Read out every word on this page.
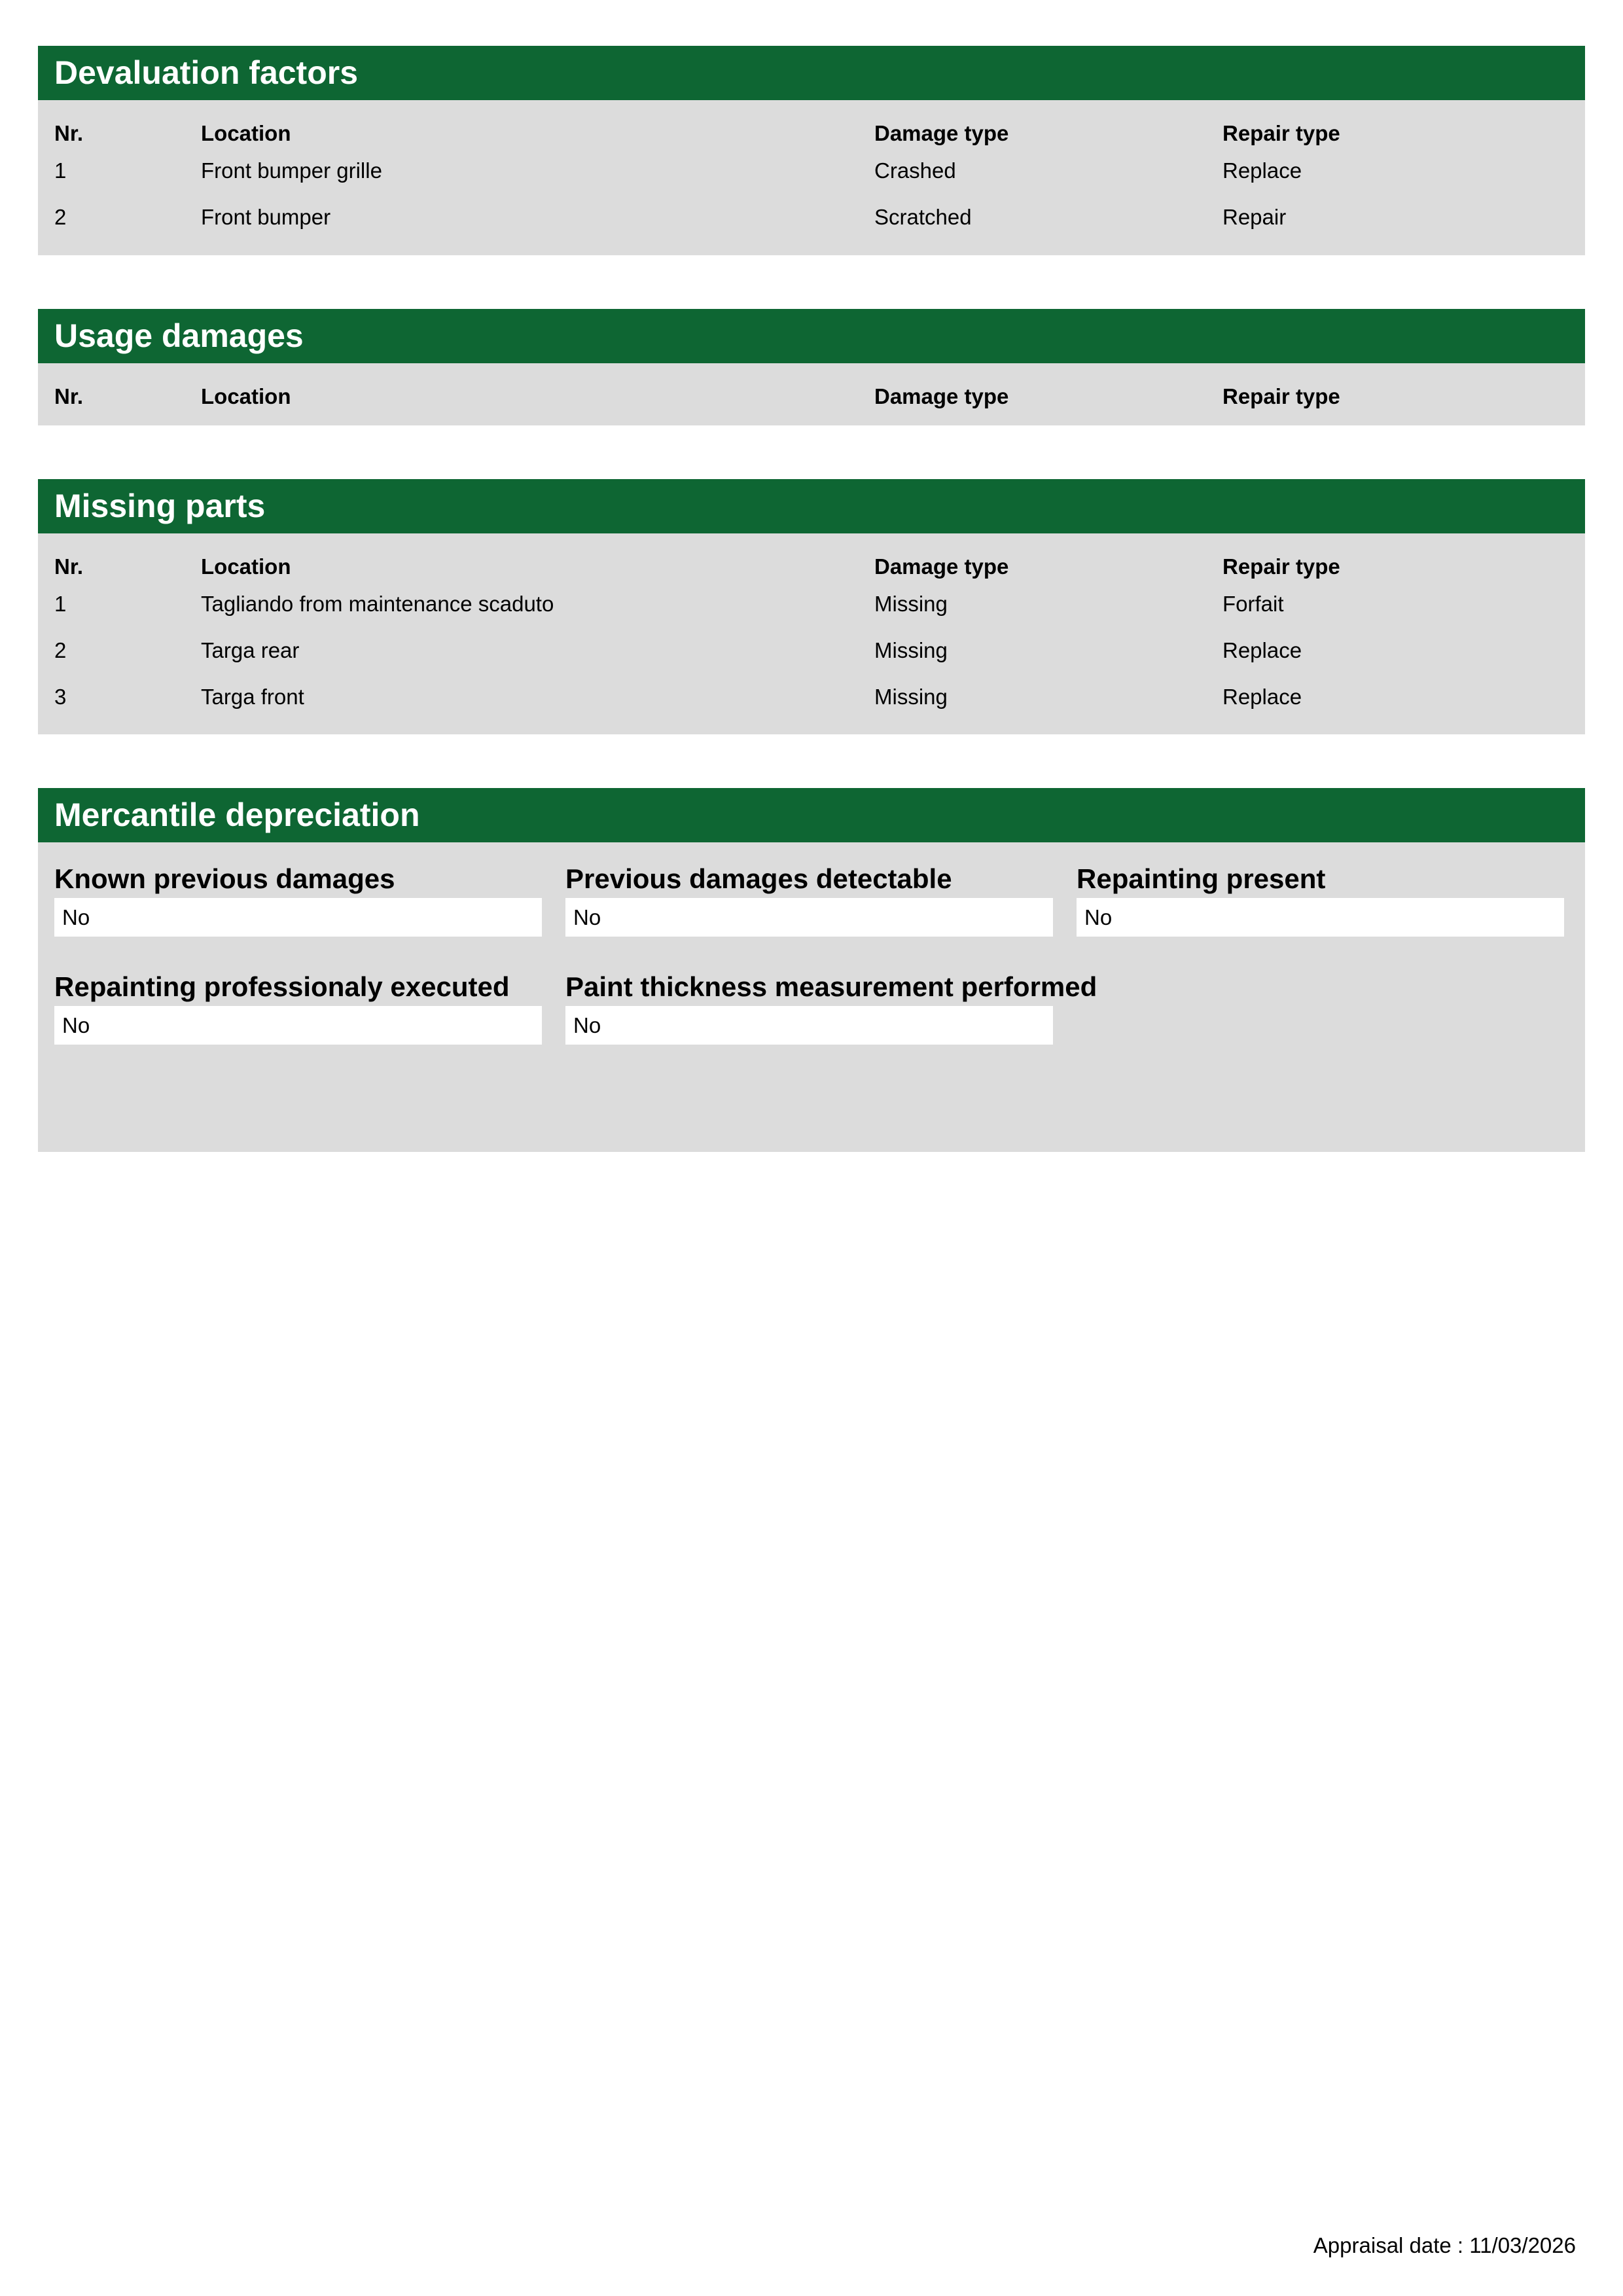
Devaluation factors
Nr.	Location	Damage type	Repair type
1	Front bumper grille	Crashed	Replace
2	Front bumper	Scratched	Repair
Usage damages
Nr.	Location	Damage type	Repair type
Missing parts
Nr.	Location	Damage type	Repair type
1	Tagliando from maintenance scaduto	Missing	Forfait
2	Targa rear	Missing	Replace
3	Targa front	Missing	Replace
Mercantile depreciation
Known previous damages
No
Previous damages detectable
No
Repainting present
No
Repainting professionaly executed
No
Paint thickness measurement performed
No
Appraisal date : 11/03/2026
